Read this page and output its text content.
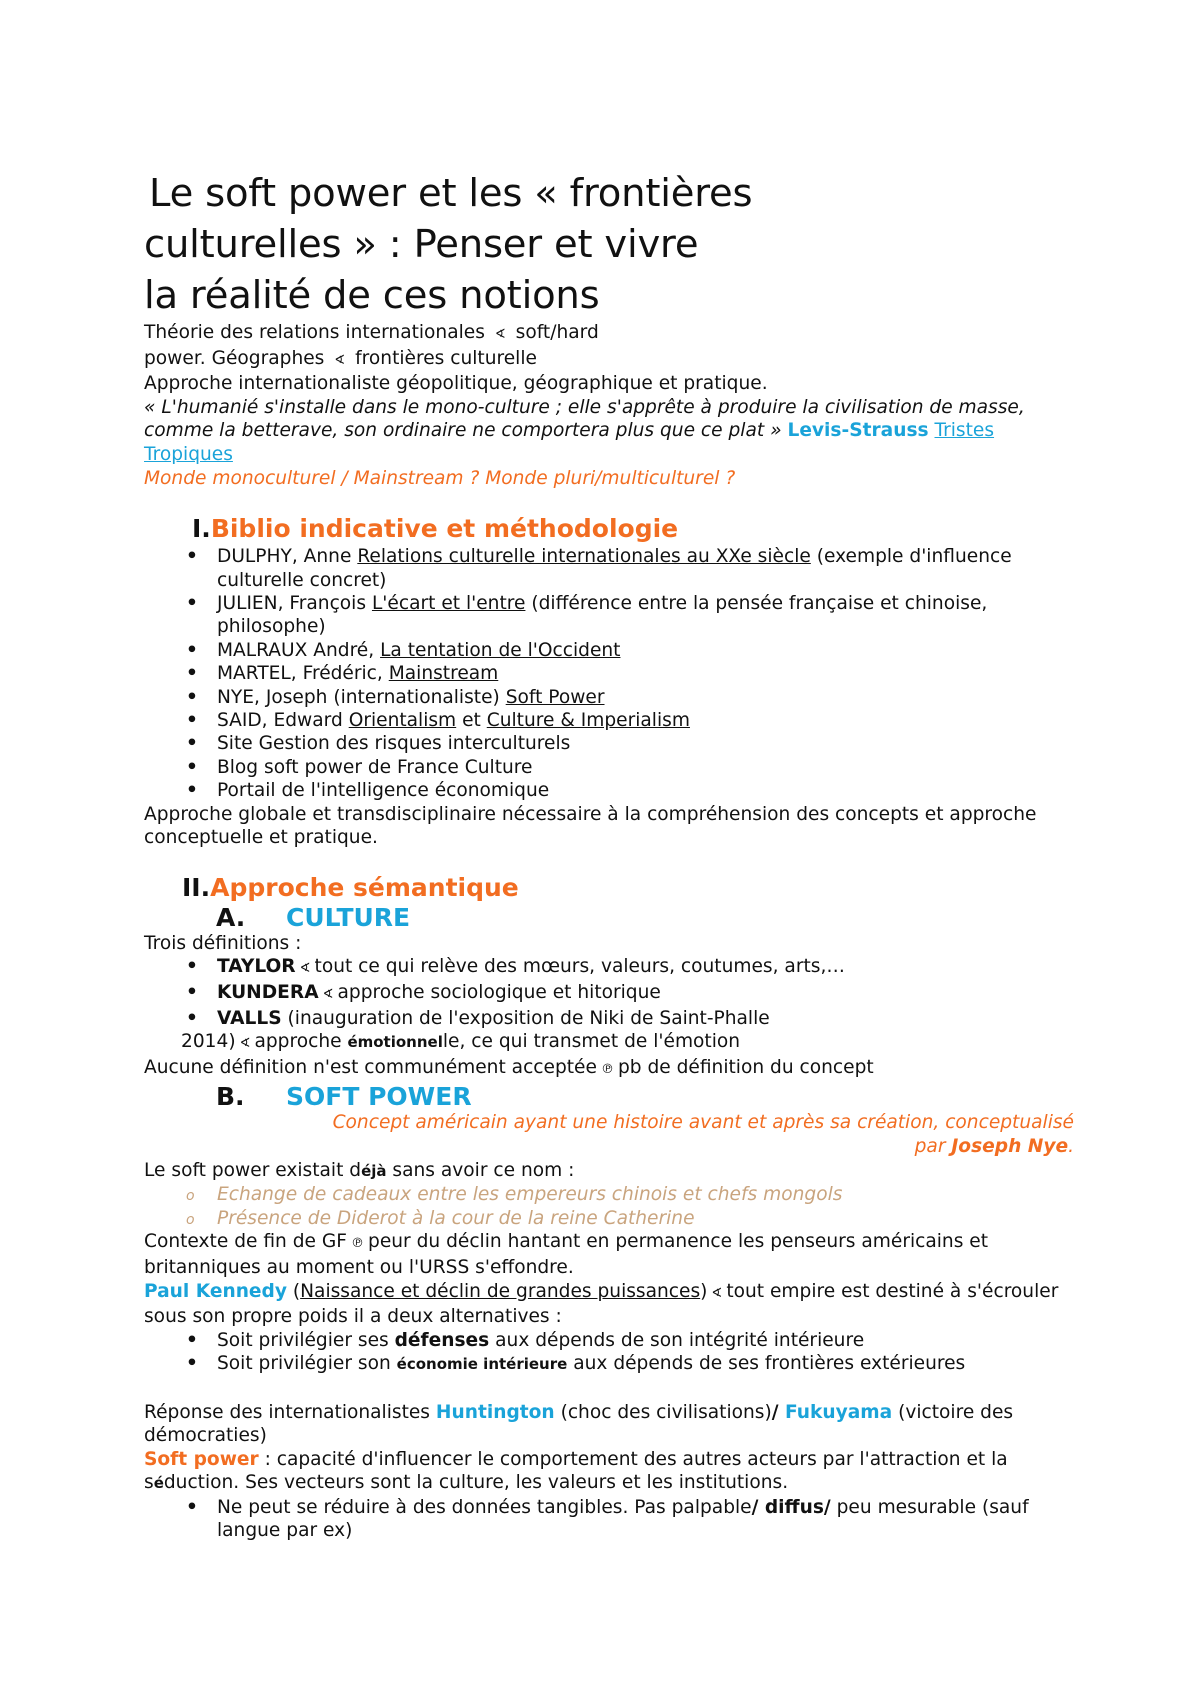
Le soft power et les « frontières
culturelles » : Penser et vivre
la réalité de ces notions

Théorie des relations internationales ∢ soft/hard

power. Géographes ∢ frontières culturelle

Approche internationaliste géopolitique, géographique et pratique.

« L'humanié s'installe dans le mono-culture ; elle s'apprête à produire la civilisation de masse, comme la betterave, son ordinaire ne comportera plus que ce plat » Levis-Strauss Tristes Tropiques

Monde monoculturel / Mainstream ? Monde pluri/multiculturel ?

I.Biblio indicative et méthodologie
• DULPHY, Anne Relations culturelle internationales au XXe siècle (exemple d'influence culturelle concret)
• JULIEN, François L'écart et l'entre (différence entre la pensée française et chinoise, philosophe)
• MALRAUX André, La tentation de l'Occident
• MARTEL, Frédéric, Mainstream
• NYE, Joseph (internationaliste) Soft Power
• SAID, Edward Orientalism et Culture & Imperialism
• Site Gestion des risques interculturels
• Blog soft power de France Culture
• Portail de l'intelligence économique

Approche globale et transdisciplinaire nécessaire à la compréhension des concepts et approche conceptuelle et pratique.

II.Approche sémantique
A. CULTURE

Trois définitions :

• TAYLOR ∢ tout ce qui relève des mœurs, valeurs, coutumes, arts,…
• KUNDERA ∢ approche sociologique et hitorique
• VALLS (inauguration de l'exposition de Niki de Saint-Phalle

2014) ∢ approche émotionnelle, ce qui transmet de l'émotion

Aucune définition n'est communément acceptée ℗ pb de définition du concept

B. SOFT POWER

Concept américain ayant une histoire avant et après sa création, conceptualisé

par Joseph Nye.

Le soft power existait déjà sans avoir ce nom :

o Echange de cadeaux entre les empereurs chinois et chefs mongols
o Présence de Diderot à la cour de la reine Catherine

Contexte de fin de GF ℗ peur du déclin hantant en permanence les penseurs américains et britanniques au moment ou l'URSS s'effondre.

Paul Kennedy (Naissance et déclin de grandes puissances) ∢ tout empire est destiné à s'écrouler sous son propre poids il a deux alternatives :

• Soit privilégier ses défenses aux dépends de son intégrité intérieure
• Soit privilégier son économie intérieure aux dépends de ses frontières extérieures

Réponse des internationalistes Huntington (choc des civilisations)/ Fukuyama (victoire des démocraties)

Soft power : capacité d'influencer le comportement des autres acteurs par l'attraction et la séduction. Ses vecteurs sont la culture, les valeurs et les institutions.

• Ne peut se réduire à des données tangibles. Pas palpable/ diffus/ peu mesurable (sauf langue par ex)
